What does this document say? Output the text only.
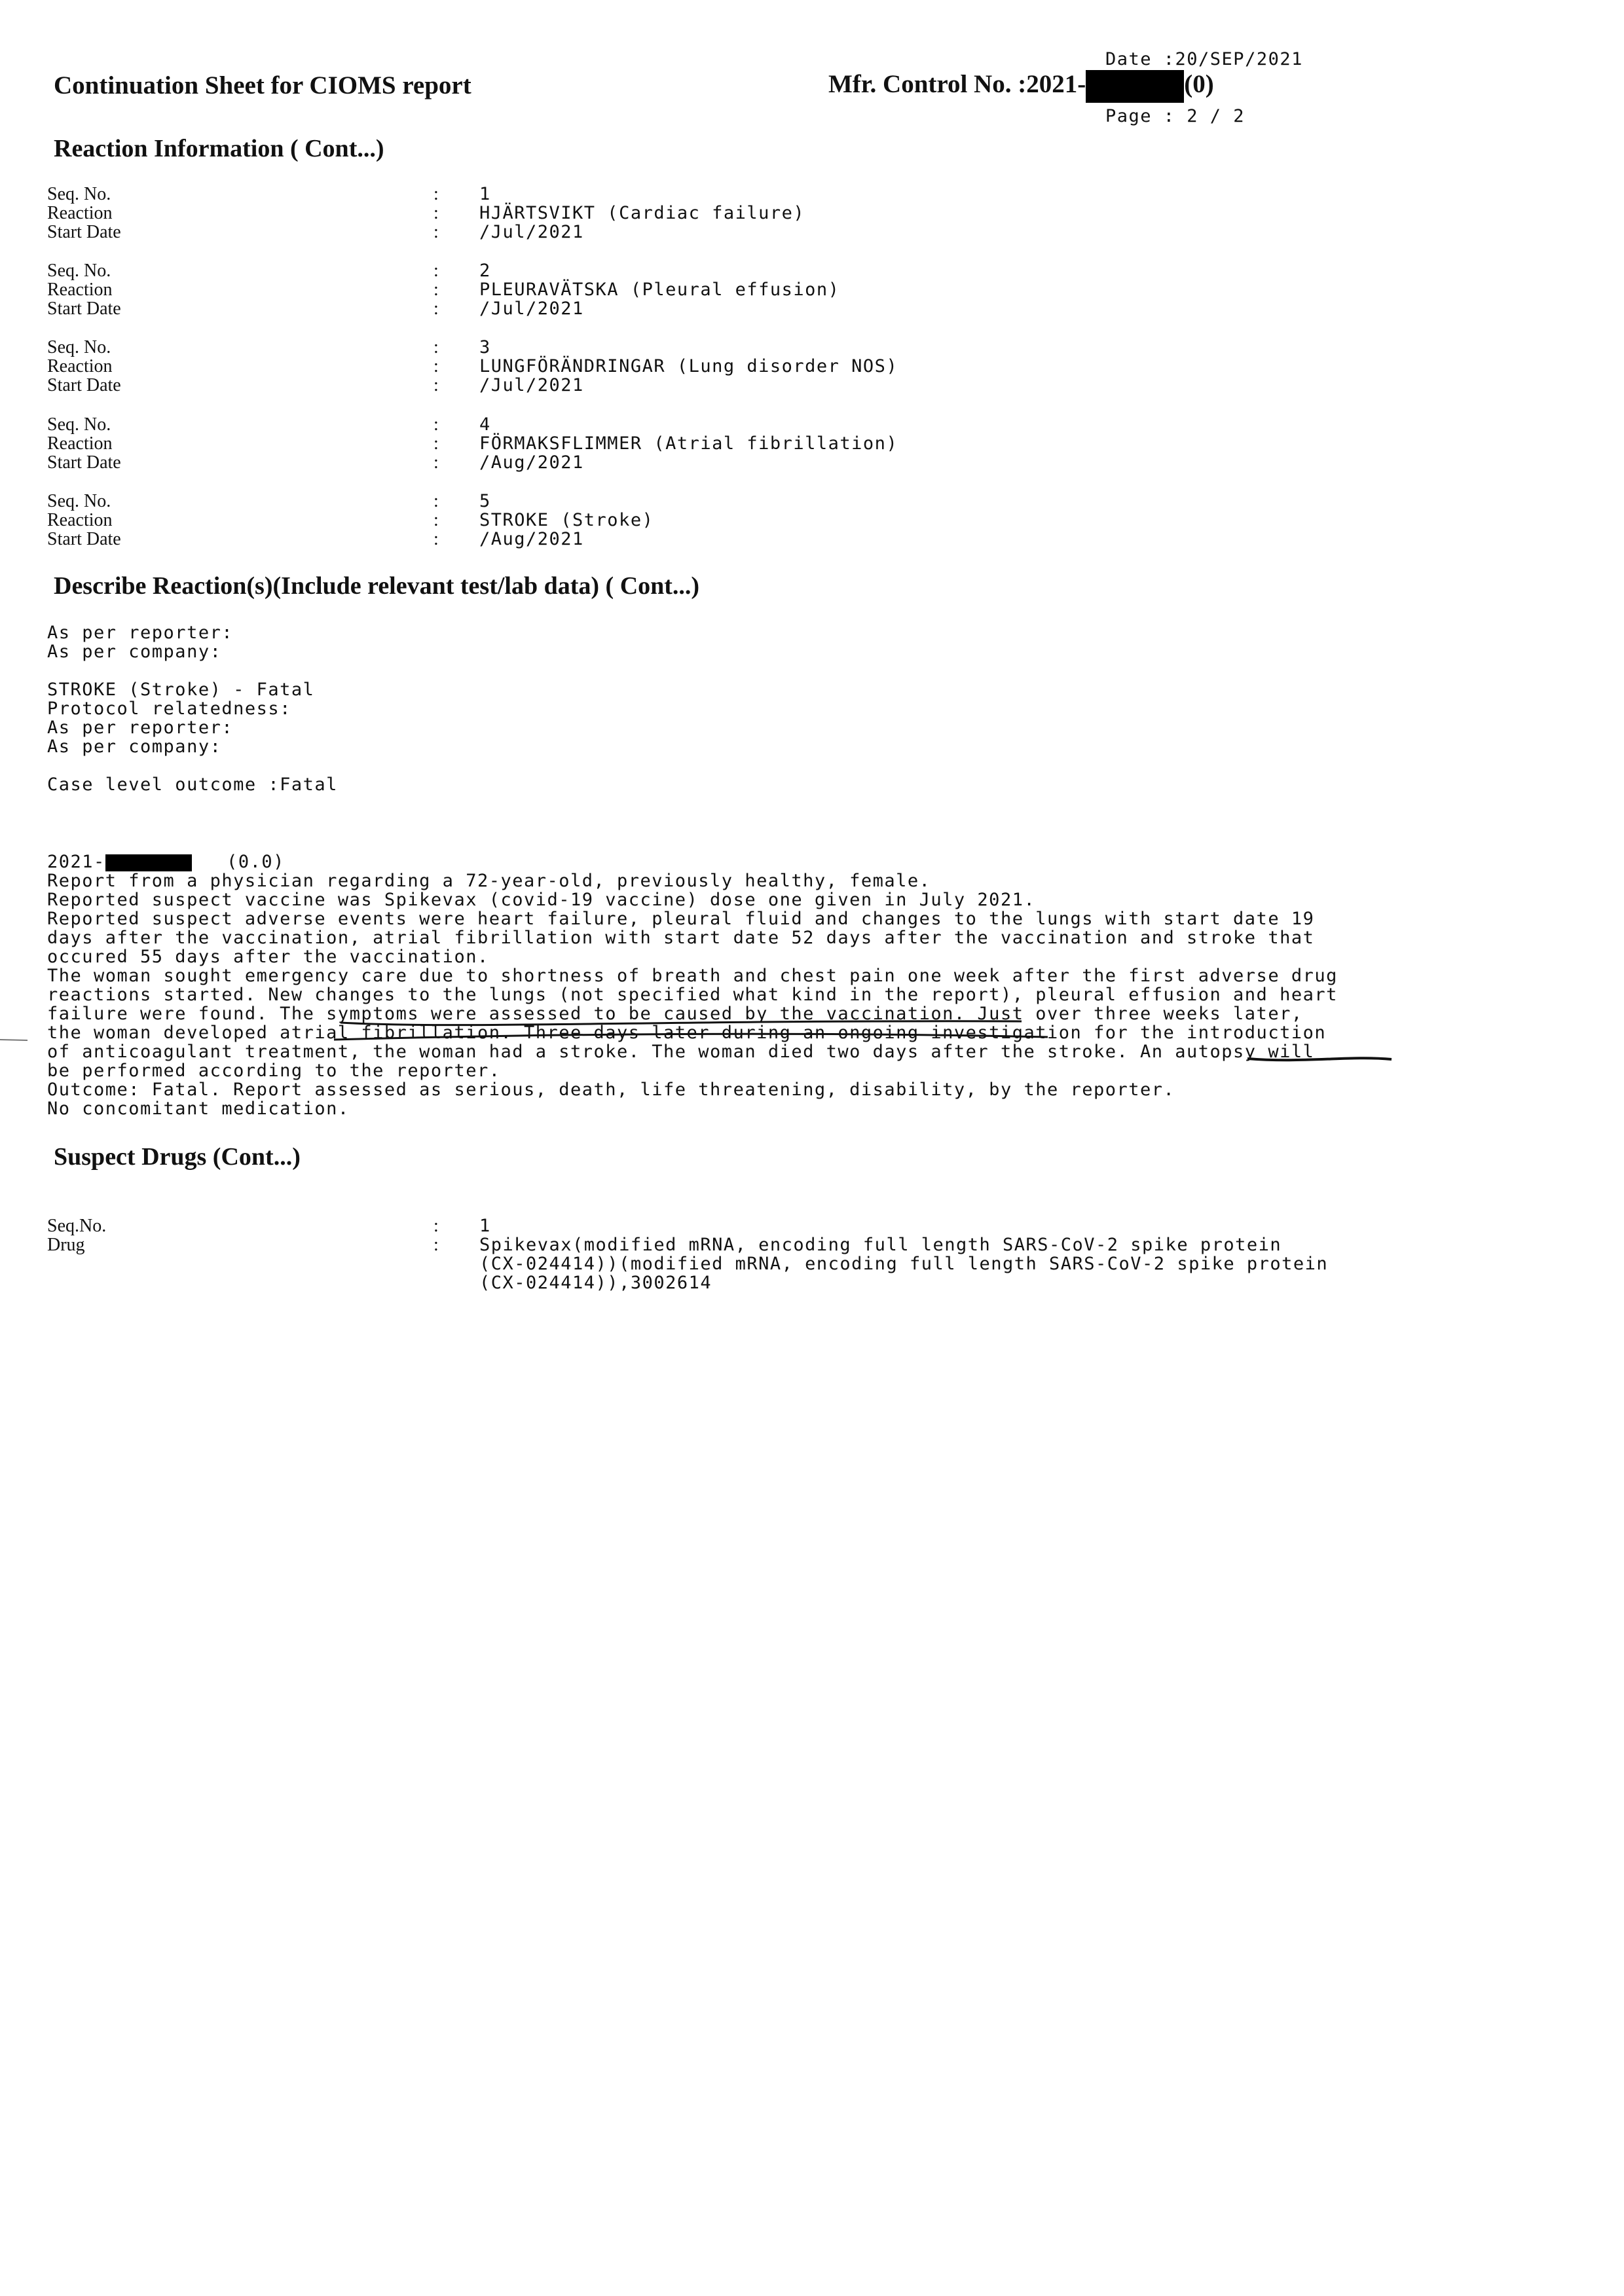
Date :20/SEP/2021

Page : 2 / 2

Continuation Sheet for CIOMS report	Mfr. Control No. :2021-	(0)
Reaction Information ( Cont...)
Seq. No.	: 1
Reaction	: HJÄRTSVIKT (Cardiac failure)
Start Date	: /Jul/2021
Seq. No.	: 2
Reaction	: PLEURAVÄTSKA (Pleural effusion)
Start Date	: /Jul/2021
Seq. No.	: 3
Reaction	: LUNGFÖRÄNDRINGAR (Lung disorder NOS)
Start Date	: /Jul/2021
Seq. No.	: 4
Reaction	: FÖRMAKSFLIMMER (Atrial fibrillation)
Start Date	: /Aug/2021
Seq. No.	: 5
Reaction	: STROKE (Stroke)
Start Date	: /Aug/2021
Describe Reaction(s)(Include relevant test/lab data) ( Cont...)
As per reporter:
As per company:
STROKE (Stroke) - Fatal
Protocol relatedness:
As per reporter:
As per company:
Case level outcome :Fatal
2021-	(0.0)
Report from a physician regarding a 72-year-old, previously healthy, female.
Reported suspect vaccine was Spikevax (covid-19 vaccine) dose one given in July 2021.
Reported suspect adverse events were heart failure, pleural fluid and changes to the lungs with start date 19
days after the vaccination, atrial fibrillation with start date 52 days after the vaccination and stroke that
occured 55 days after the vaccination.
The woman sought emergency care due to shortness of breath and chest pain one week after the first adverse drug
reactions started. New changes to the lungs (not specified what kind in the report), pleural effusion and heart
failure were found. The symptoms were assessed to be caused by the vaccination. Just over three weeks later,
the woman developed atrial fibrillation. Three days later during an ongoing investigation for the introduction
of anticoagulant treatment, the woman had a stroke. The woman died two days after the stroke. An autopsy will
be performed according to the reporter.
Outcome: Fatal. Report assessed as serious, death, life threatening, disability, by the reporter.
No concomitant medication.
Suspect Drugs (Cont...)
Seq.No.	: 1
Drug	: Spikevax(modified mRNA, encoding full length SARS-CoV-2 spike protein
(CX-024414))(modified mRNA, encoding full length SARS-CoV-2 spike protein
(CX-024414)),3002614
